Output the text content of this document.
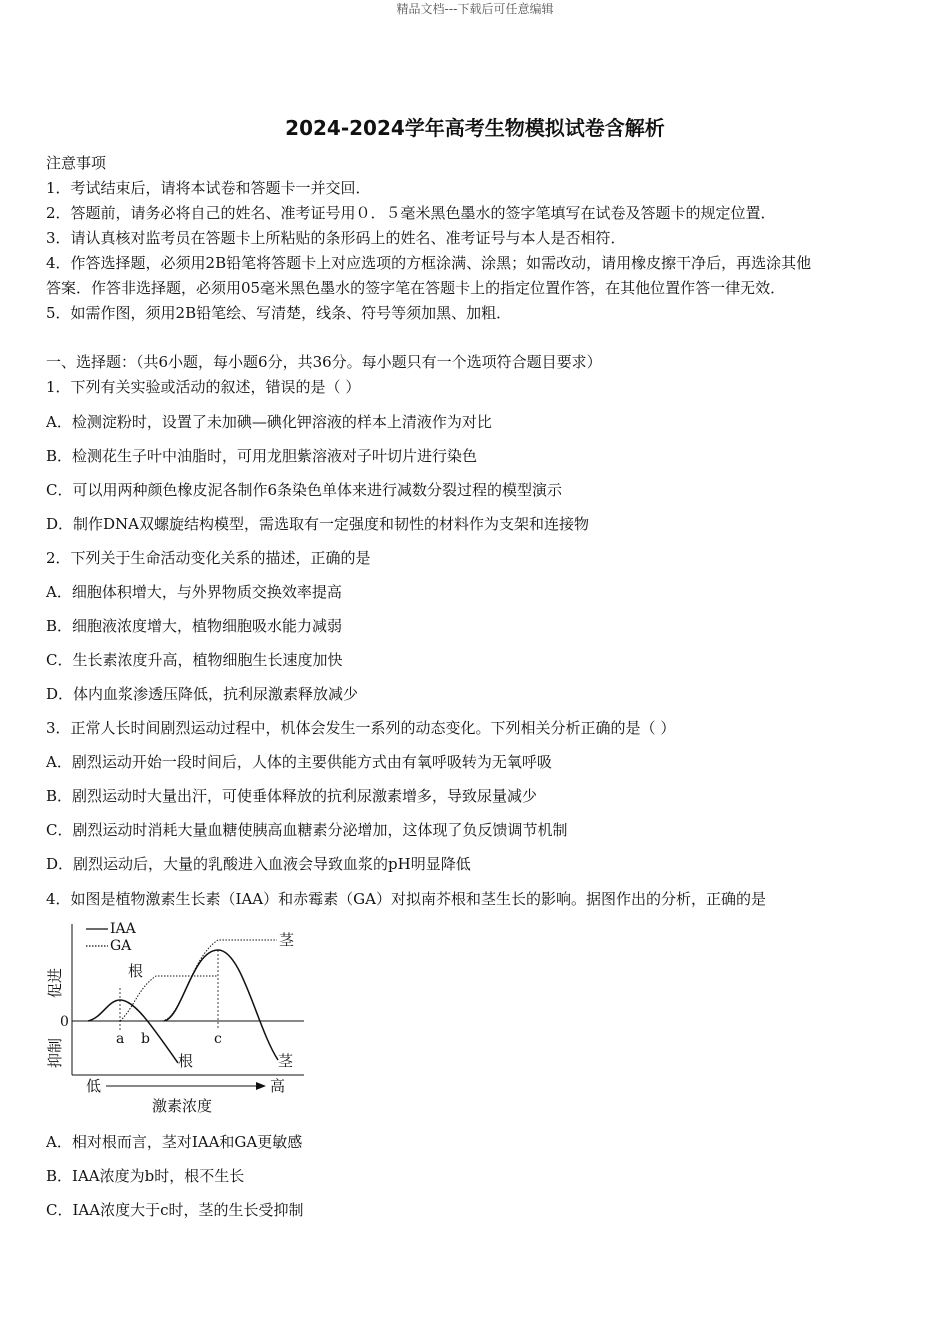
精品文档---下载后可任意编辑
2024-2024学年高考生物模拟试卷含解析
注意事项
1．考试结束后，请将本试卷和答题卡一并交回．
2．答题前，请务必将自己的姓名、准考证号用０．５毫米黑色墨水的签字笔填写在试卷及答题卡的规定位置．
3．请认真核对监考员在答题卡上所粘贴的条形码上的姓名、准考证号与本人是否相符．
4．作答选择题，必须用2B铅笔将答题卡上对应选项的方框涂满、涂黑；如需改动，请用橡皮擦干净后，再选涂其他
答案．作答非选择题，必须用05毫米黑色墨水的签字笔在答题卡上的指定位置作答，在其他位置作答一律无效．
5．如需作图，须用2B铅笔绘、写清楚，线条、符号等须加黑、加粗．
一、选择题：（共6小题，每小题6分，共36分。每小题只有一个选项符合题目要求）
1．下列有关实验或活动的叙述，错误的是（ ）
A．检测淀粉时，设置了未加碘—碘化钾溶液的样本上清液作为对比
B．检测花生子叶中油脂时，可用龙胆紫溶液对子叶切片进行染色
C．可以用两种颜色橡皮泥各制作6条染色单体来进行减数分裂过程的模型演示
D．制作DNA双螺旋结构模型，需选取有一定强度和韧性的材料作为支架和连接物
2．下列关于生命活动变化关系的描述，正确的是
A．细胞体积增大，与外界物质交换效率提高
B．细胞液浓度增大，植物细胞吸水能力减弱
C．生长素浓度升高，植物细胞生长速度加快
D．体内血浆渗透压降低，抗利尿激素释放减少
3．正常人长时间剧烈运动过程中，机体会发生一系列的动态变化。下列相关分析正确的是（ ）
A．剧烈运动开始一段时间后，人体的主要供能方式由有氧呼吸转为无氧呼吸
B．剧烈运动时大量出汗，可使垂体释放的抗利尿激素增多，导致尿量减少
C．剧烈运动时消耗大量血糖使胰高血糖素分泌增加，这体现了负反馈调节机制
D．剧烈运动后，大量的乳酸进入血液会导致血浆的pH明显降低
4．如图是植物激素生长素（IAA）和赤霉素（GA）对拟南芥根和茎生长的影响。据图作出的分析，正确的是
IAA
GA
促进
抑制
0
a b	c
茎
根
根	茎
低	高
激素浓度
A．相对根而言，茎对IAA和GA更敏感
B．IAA浓度为b时，根不生长
C．IAA浓度大于c时，茎的生长受抑制
